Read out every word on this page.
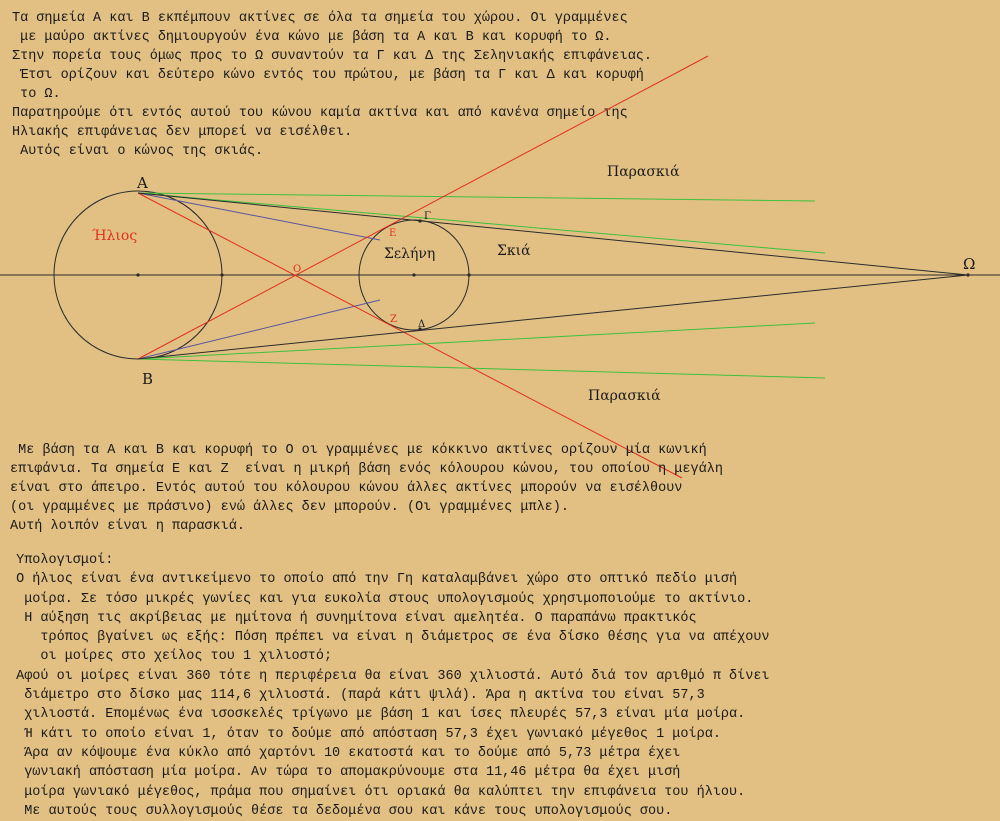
Τα σημεία Α και Β εκπέμπουν ακτίνες σε όλα τα σημεία του χώρου. Οι γραμμένες
με μαύρο ακτίνες δημιουργούν ένα κώνο με βάση τα Α και Β και κορυφή το Ω.
Στην πορεία τους όμως προς το Ω συναντούν τα Γ και Δ της Σεληνιακής επιφάνειας.
Έτσι ορίζουν και δεύτερο κώνο εντός του πρώτου, με βάση τα Γ και Δ και κορυφή
το Ω.
Παρατηρούμε ότι εντός αυτού του κώνου καμία ακτίνα και από κανένα σημείο της
Ηλιακής επιφάνειας δεν μπορεί να εισέλθει.
Αυτός είναι ο κώνος της σκιάς.
Α
Β
Γ
Δ
Ε
Ζ
Ο	Ω
Ήλιος
Σελήνη	Σκιά
Παρασκιά
Παρασκιά
Με βάση τα Α και Β και κορυφή το Ο οι γραμμένες με κόκκινο ακτίνες ορίζουν μία κωνική
επιφάνια. Τα σημεία Ε και Ζ  είναι η μικρή βάση ενός κόλουρου κώνου, του οποίου η μεγάλη
είναι στο άπειρο. Εντός αυτού του κόλουρου κώνου άλλες ακτίνες μπορούν να εισέλθουν
(οι γραμμένες με πράσινο) ενώ άλλες δεν μπορούν. (Οι γραμμένες μπλε).
Αυτή λοιπόν είναι η παρασκιά.
Υπολογισμοί:
Ο ήλιος είναι ένα αντικείμενο το οποίο από την Γη καταλαμβάνει χώρο στο οπτικό πεδίο μισή
μοίρα. Σε τόσο μικρές γωνίες και για ευκολία στους υπολογισμούς χρησιμοποιούμε το ακτίνιο.
Η αύξηση τις ακρίβειας με ημίτονα ή συνημίτονα είναι αμελητέα. Ο παραπάνω πρακτικός
τρόπος βγαίνει ως εξής: Πόση πρέπει να είναι η διάμετρος σε ένα δίσκο θέσης για να απέχουν
οι μοίρες στο χείλος του 1 χιλιοστό;
Αφού οι μοίρες είναι 360 τότε η περιφέρεια θα είναι 360 χιλιοστά. Αυτό διά τον αριθμό π δίνει
διάμετρο στο δίσκο μας 114,6 χιλιοστά. (παρά κάτι ψιλά). Άρα η ακτίνα του είναι 57,3
χιλιοστά. Επομένως ένα ισοσκελές τρίγωνο με βάση 1 και ίσες πλευρές 57,3 είναι μία μοίρα.
Ή κάτι το οποίο είναι 1, όταν το δούμε από απόσταση 57,3 έχει γωνιακό μέγεθος 1 μοίρα.
Άρα αν κόψουμε ένα κύκλο από χαρτόνι 10 εκατοστά και το δούμε από 5,73 μέτρα έχει
γωνιακή απόσταση μία μοίρα. Αν τώρα το απομακρύνουμε στα 11,46 μέτρα θα έχει μισή
μοίρα γωνιακό μέγεθος, πράμα που σημαίνει ότι οριακά θα καλύπτει την επιφάνεια του ήλιου.
Με αυτούς τους συλλογισμούς θέσε τα δεδομένα σου και κάνε τους υπολογισμούς σου.
